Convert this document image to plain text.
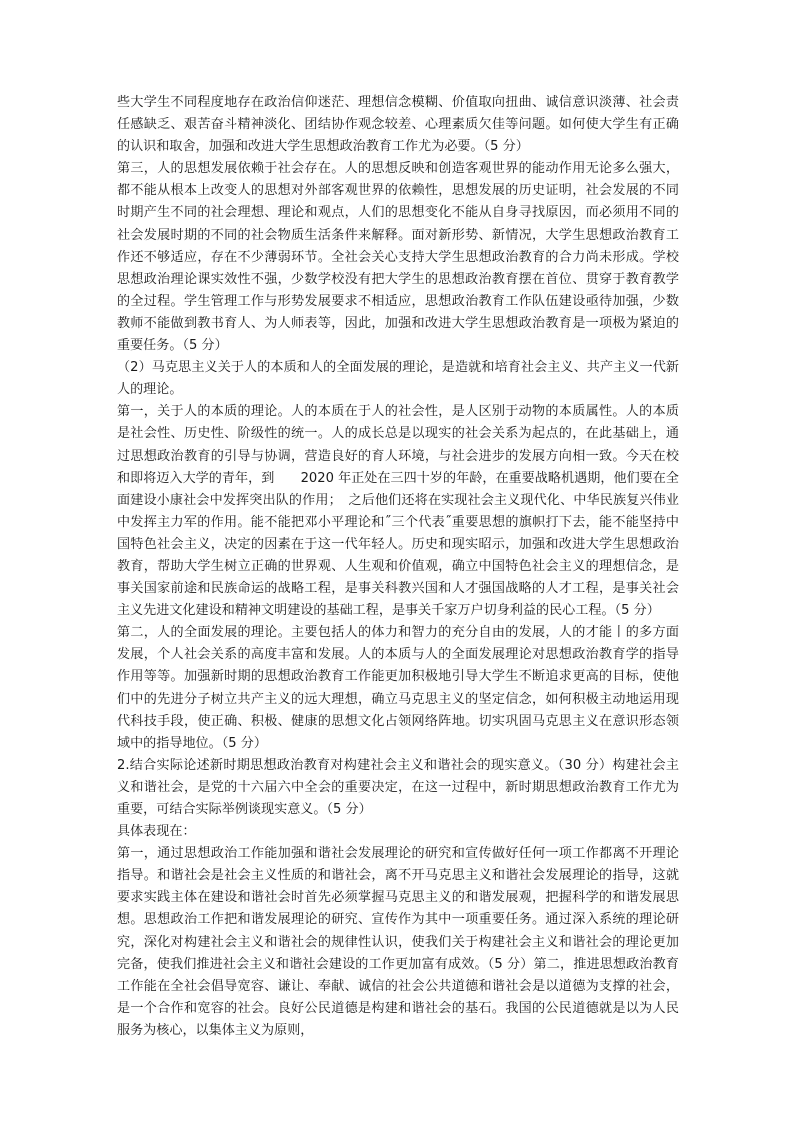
些大学生不同程度地存在政治信仰迷茫、理想信念模糊、价值取向扭曲、诚信意识淡薄、社会责任感缺乏、艰苦奋斗精神淡化、团结协作观念较差、心理素质欠佳等问题。如何使大学生有正确的认识和取舍，加强和改进大学生思想政治教育工作尤为必要。（5 分）

第三，人的思想发展依赖于社会存在。人的思想反映和创造客观世界的能动作用无论多么强大，都不能从根本上改变人的思想对外部客观世界的依赖性，思想发展的历史证明，社会发展的不同时期产生不同的社会理想、理论和观点，人们的思想变化不能从自身寻找原因，而必须用不同的社会发展时期的不同的社会物质生活条件来解释。面对新形势、新情况，大学生思想政治教育工作还不够适应，存在不少薄弱环节。全社会关心支持大学生思想政治教育的合力尚未形成。学校思想政治理论课实效性不强，少数学校没有把大学生的思想政治教育摆在首位、贯穿于教育教学的全过程。学生管理工作与形势发展要求不相适应，思想政治教育工作队伍建设亟待加强，少数教师不能做到教书育人、为人师表等，因此，加强和改进大学生思想政治教育是一项极为紧迫的重要任务。（5 分）

（2）马克思主义关于人的本质和人的全面发展的理论，是造就和培育社会主义、共产主义一代新人的理论。

第一，关于人的本质的理论。人的本质在于人的社会性，是人区别于动物的本质属性。人的本质是社会性、历史性、阶级性的统一。人的成长总是以现实的社会关系为起点的，在此基础上，通过思想政治教育的引导与协调，营造良好的育人环境，与社会进步的发展方向相一致。今天在校和即将迈入大学的青年，到　　2020 年正处在三四十岁的年龄，在重要战略机遇期，他们要在全面建设小康社会中发挥突出队的作用；　之后他们还将在实现社会主义现代化、中华民族复兴伟业中发挥主力军的作用。能不能把邓小平理论和˝三个代表˝重要思想的旗帜打下去，能不能坚持中国特色社会主义，决定的因素在于这一代年轻人。历史和现实昭示，加强和改进大学生思想政治教育，帮助大学生树立正确的世界观、人生观和价值观，确立中国特色社会主义的理想信念，是事关国家前途和民族命运的战略工程，是事关科教兴国和人才强国战略的人才工程，是事关社会主义先进文化建设和精神文明建设的基础工程，是事关千家万户切身利益的民心工程。（5 分）

第二，人的全面发展的理论。主要包括人的体力和智力的充分自由的发展，人的才能丨的多方面发展，个人社会关系的高度丰富和发展。人的本质与人的全面发展理论对思想政治教育学的指导作用等等。加强新时期的思想政治教育工作能更加积极地引导大学生不断追求更高的目标，使他们中的先进分子树立共产主义的远大理想，确立马克思主义的坚定信念，如何积极主动地运用现代科技手段，使正确、积极、健康的思想文化占领网络阵地。切实巩固马克思主义在意识形态领域中的指导地位。（5 分）

2.结合实际论述新时期思想政治教育对构建社会主义和谐社会的现实意义。（30 分）构建社会主义和谐社会，是党的十六届六中全会的重要决定，在这一过程中，新时期思想政治教育工作尤为重要，可结合实际举例谈现实意义。（5 分）

具体表现在：

第一，通过思想政治工作能加强和谐社会发展理论的研究和宣传做好任何一项工作都离不开理论指导。和谐社会是社会主义性质的和谐社会，离不开马克思主义和谐社会发展理论的指导，这就要求实践主体在建设和谐社会时首先必须掌握马克思主义的和谐发展观，把握科学的和谐发展思想。思想政治工作把和谐发展理论的研究、宣传作为其中一项重要任务。通过深入系统的理论研究，深化对构建社会主义和谐社会的规律性认识，使我们关于构建社会主义和谐社会的理论更加完备，使我们推进社会主义和谐社会建设的工作更加富有成效。（5 分）第二，推进思想政治教育工作能在全社会倡导宽容、谦让、奉献、诚信的社会公共道德和谐社会是以道德为支撑的社会，是一个合作和宽容的社会。良好公民道德是构建和谐社会的基石。我国的公民道德就是以为人民服务为核心，以集体主义为原则，
